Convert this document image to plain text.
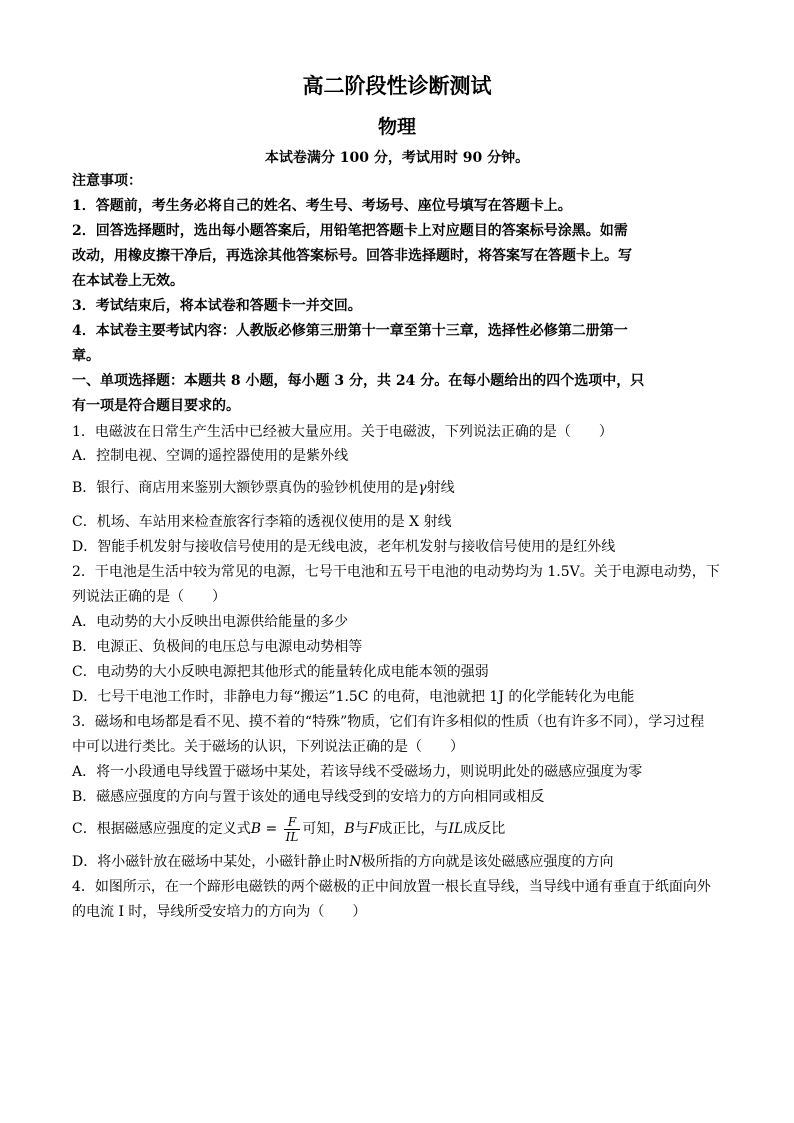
高二阶段性诊断测试
物理
本试卷满分 100 分，考试用时 90 分钟。
注意事项：
1．答题前，考生务必将自己的姓名、考生号、考场号、座位号填写在答题卡上。
2．回答选择题时，选出每小题答案后，用铅笔把答题卡上对应题目的答案标号涂黑。如需
改动，用橡皮擦干净后，再选涂其他答案标号。回答非选择题时，将答案写在答题卡上。写
在本试卷上无效。
3．考试结束后，将本试卷和答题卡一并交回。
4．本试卷主要考试内容：人教版必修第三册第十一章至第十三章，选择性必修第二册第一
章。
一、单项选择题：本题共 8 小题，每小题 3 分，共 24 分。在每小题给出的四个选项中，只
有一项是符合题目要求的。
1．电磁波在日常生产生活中已经被大量应用。关于电磁波，下列说法正确的是（　　）
A．控制电视、空调的遥控器使用的是紫外线
B．银行、商店用来鉴别大额钞票真伪的验钞机使用的是γ射线
C．机场、车站用来检查旅客行李箱的透视仪使用的是 X 射线
D．智能手机发射与接收信号使用的是无线电波，老年机发射与接收信号使用的是红外线
2．干电池是生活中较为常见的电源，七号干电池和五号干电池的电动势均为 1.5V。关于电源电动势，下
列说法正确的是（　　）
A．电动势的大小反映出电源供给能量的多少
B．电源正、负极间的电压总与电源电动势相等
C．电动势的大小反映电源把其他形式的能量转化成电能本领的强弱
D．七号干电池工作时，非静电力每“搬运”1.5C 的电荷，电池就把 1J 的化学能转化为电能
3．磁场和电场都是看不见、摸不着的“特殊”物质，它们有许多相似的性质（也有许多不同），学习过程
中可以进行类比。关于磁场的认识，下列说法正确的是（　　）
A．将一小段通电导线置于磁场中某处，若该导线不受磁场力，则说明此处的磁感应强度为零
B．磁感应强度的方向与置于该处的通电导线受到的安培力的方向相同或相反
C．根据磁感应强度的定义式$B = \frac{F}{IL}$ 可知，B与F成正比，与IL成反比
D．将小磁针放在磁场中某处，小磁针静止时N极所指的方向就是该处磁感应强度的方向
4．如图所示，在一个蹄形电磁铁的两个磁极的正中间放置一根长直导线，当导线中通有垂直于纸面向外
的电流 I 时，导线所受安培力的方向为（　　）
